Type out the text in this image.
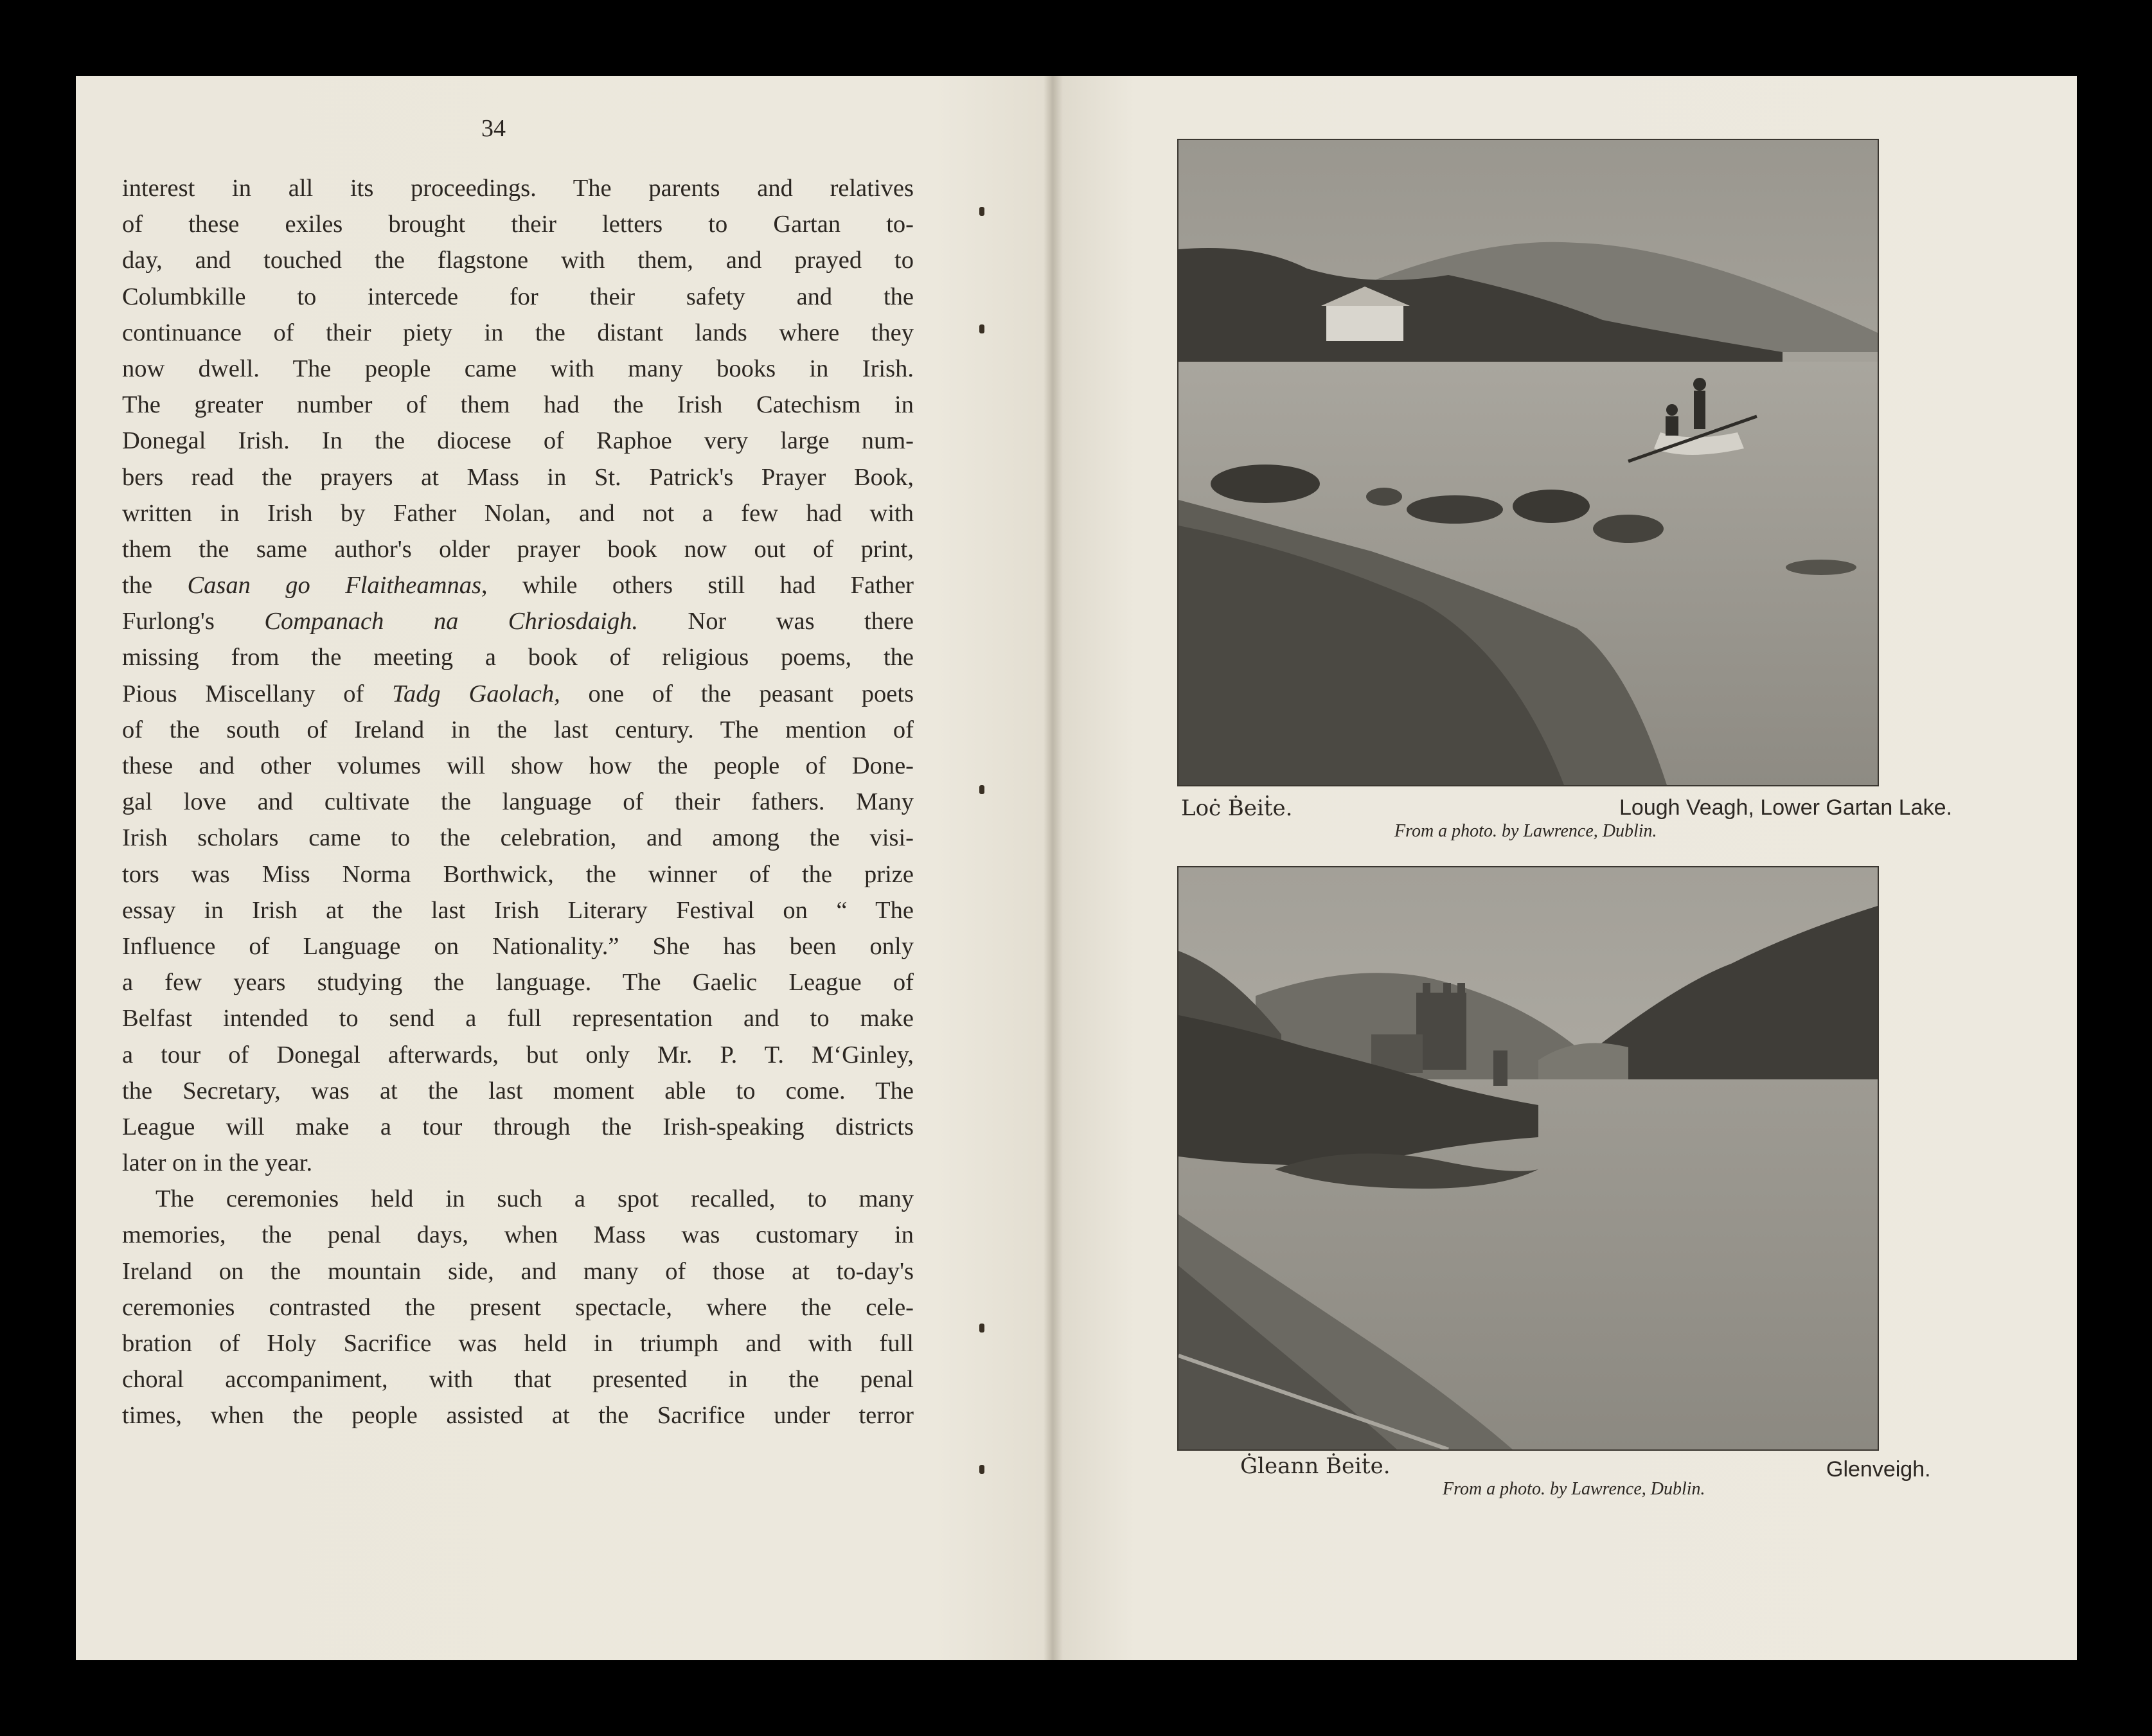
34
interest in all its proceedings. The parents and relatives
of these exiles brought their letters to Gartan to-
day, and touched the flagstone with them, and prayed to
Columbkille to intercede for their safety and the
continuance of their piety in the distant lands where they
now dwell. The people came with many books in Irish.
The greater number of them had the Irish Catechism in
Donegal Irish. In the diocese of Raphoe very large num-
bers read the prayers at Mass in St. Patrick's Prayer Book,
written in Irish by Father Nolan, and not a few had with
them the same author's older prayer book now out of print,
the Casan go Flaitheamnas, while others still had Father
Furlong's Companach na Chriosdaigh. Nor was there
missing from the meeting a book of religious poems, the
Pious Miscellany of Tadg Gaolach, one of the peasant poets
of the south of Ireland in the last century. The mention of
these and other volumes will show how the people of Done-
gal love and cultivate the language of their fathers. Many
Irish scholars came to the celebration, and among the visi-
tors was Miss Norma Borthwick, the winner of the prize
essay in Irish at the last Irish Literary Festival on “ The
Influence of Language on Nationality.” She has been only
a few years studying the language. The Gaelic League of
Belfast intended to send a full representation and to make
a tour of Donegal afterwards, but only Mr. P. T. M‘Ginley,
the Secretary, was at the last moment able to come. The
League will make a tour through the Irish-speaking districts
later on in the year.
The ceremonies held in such a spot recalled, to many
memories, the penal days, when Mass was customary in
Ireland on the mountain side, and many of those at to-day's
ceremonies contrasted the present spectacle, where the cele-
bration of Holy Sacrifice was held in triumph and with full
choral accompaniment, with that presented in the penal
times, when the people assisted at the Sacrifice under terror
Loċ Ḃeiṫe.	Lough Veagh, Lower Gartan Lake.
From a photo. by Lawrence, Dublin.
Ġleann Ḃeiṫe.	Glenveigh.
From a photo. by Lawrence, Dublin.
